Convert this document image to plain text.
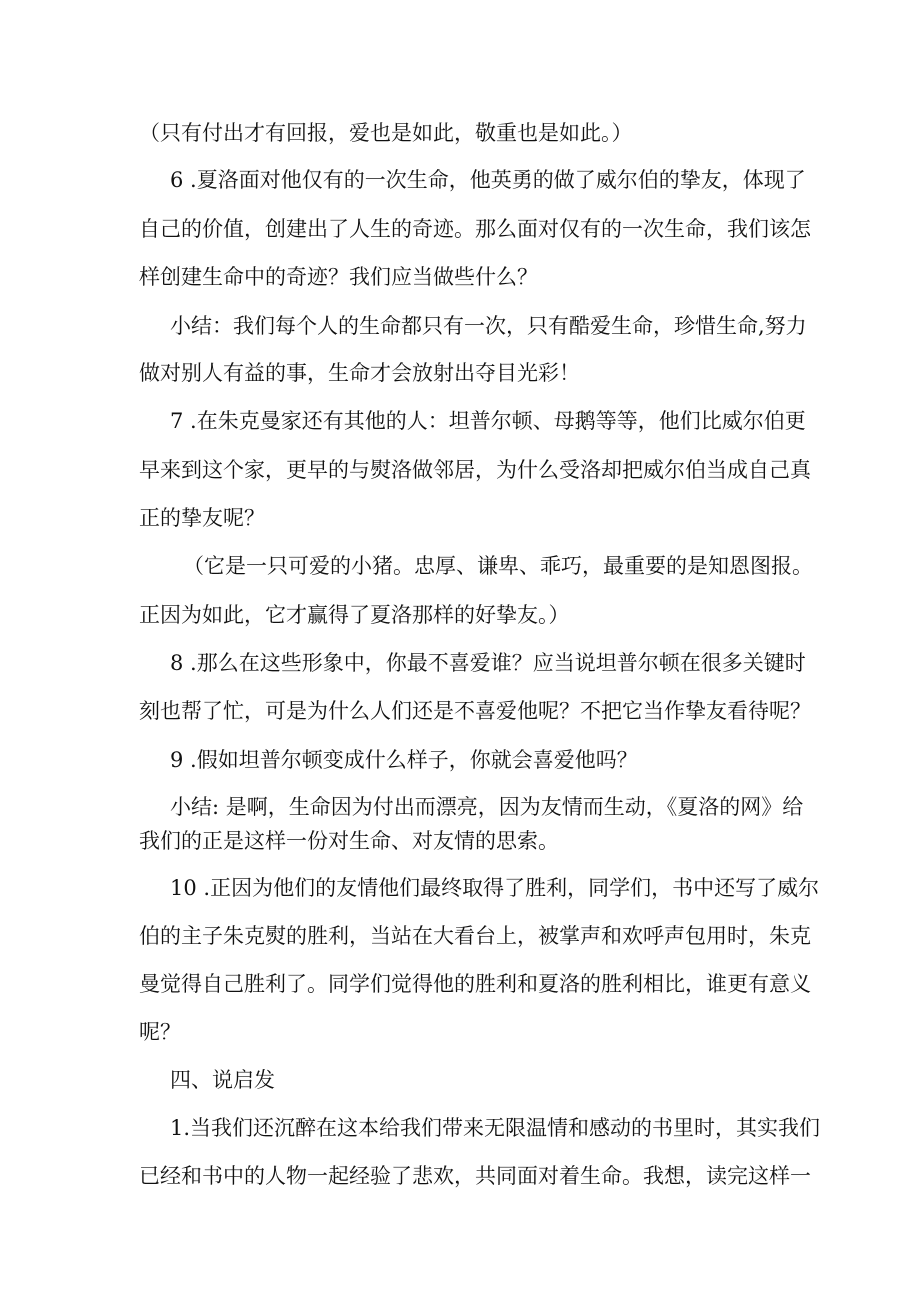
（只有付出才有回报，爱也是如此，敬重也是如此。）

6 .夏洛面对他仅有的一次生命，他英勇的做了威尔伯的挚友，体现了

自己的价值，创建出了人生的奇迹。那么面对仅有的一次生命，我们该怎

样创建生命中的奇迹？我们应当做些什么？

小结：我们每个人的生命都只有一次，只有酷爱生命，珍惜生命,努力

做对别人有益的事，生命才会放射出夺目光彩！

7 .在朱克曼家还有其他的人：坦普尔顿、母鹅等等，他们比威尔伯更

早来到这个家，更早的与熨洛做邻居，为什么受洛却把威尔伯当成自己真

正的挚友呢？

（它是一只可爱的小猪。忠厚、谦卑、乖巧，最重要的是知恩图报。

正因为如此，它才赢得了夏洛那样的好挚友。）

8 .那么在这些形象中，你最不喜爱谁？应当说坦普尔顿在很多关键时

刻也帮了忙，可是为什么人们还是不喜爱他呢？不把它当作挚友看待呢？

9 .假如坦普尔顿变成什么样子，你就会喜爱他吗？

小结: 是啊，生命因为付出而漂亮，因为友情而生动，《夏洛的网》给

我们的正是这样一份对生命、对友情的思索。

10 .正因为他们的友情他们最终取得了胜利，同学们，书中还写了威尔

伯的主子朱克熨的胜利，当站在大看台上，被掌声和欢呼声包用时，朱克

曼觉得自己胜利了。同学们觉得他的胜利和夏洛的胜利相比，谁更有意义

呢？

四、说启发

1.当我们还沉醉在这本给我们带来无限温情和感动的书里时，其实我们

已经和书中的人物一起经验了悲欢，共同面对着生命。我想，读完这样一
